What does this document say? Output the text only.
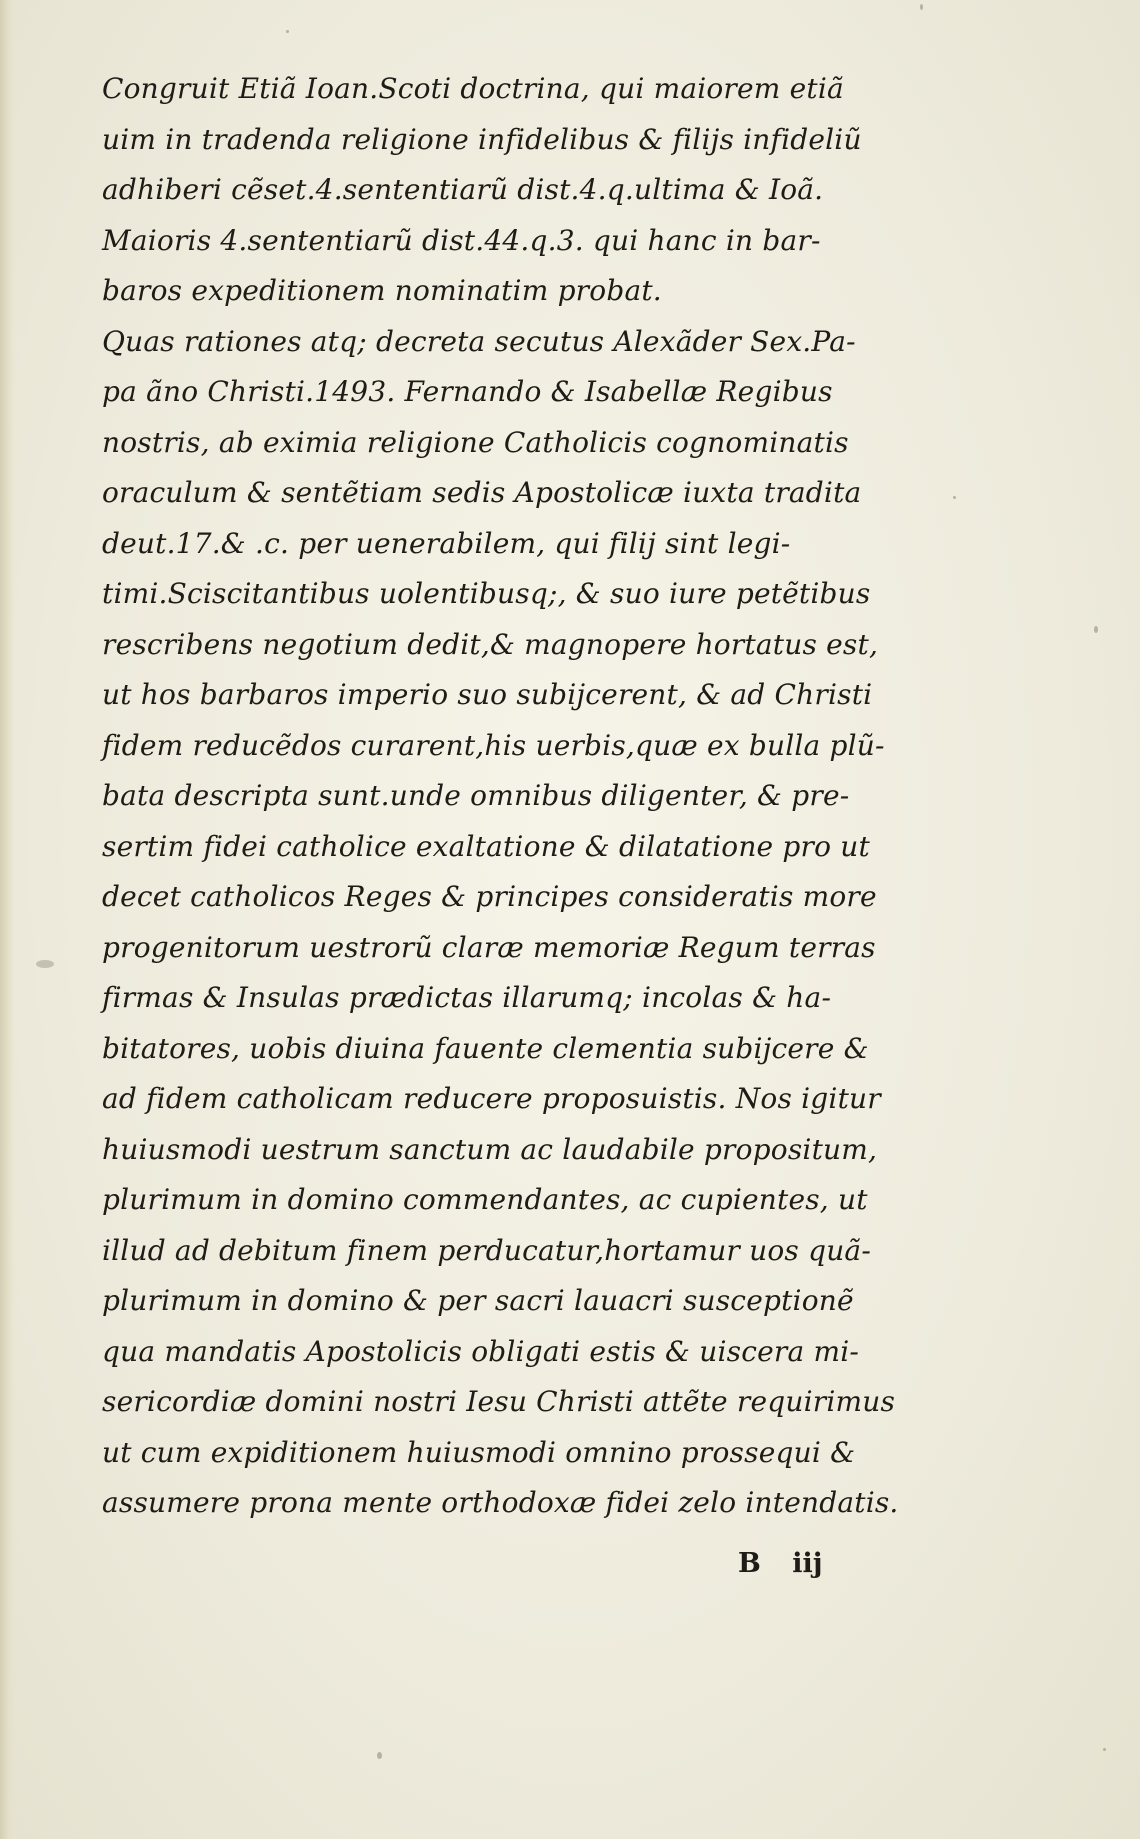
Congruit Etiã Ioan.Scoti doctrina, qui maiorem etiã
uim in tradenda religione infidelibus & filijs infideliũ
adhiberi cẽset.4.sententiarũ dist.4.q.ultima & Ioã.
Maioris 4.sententiarũ dist.44.q.3. qui hanc in bar-
baros expeditionem nominatim probat.
Quas rationes atq; decreta secutus Alexãder Sex.Pa-
pa ãno Christi.1493. Fernando & Isabellæ Regibus
nostris, ab eximia religione Catholicis cognominatis
oraculum & sentẽtiam sedis Apostolicæ iuxta tradita
deut.17.& .c. per uenerabilem, qui filij sint legi-
timi.Sciscitantibus uolentibusq;, & suo iure petẽtibus
rescribens negotium dedit,& magnopere hortatus est,
ut hos barbaros imperio suo subijcerent, & ad Christi
fidem reducẽdos curarent,his uerbis,quæ ex bulla plũ-
bata descripta sunt.unde omnibus diligenter, & pre-
sertim fidei catholice exaltatione & dilatatione pro ut
decet catholicos Reges & principes consideratis more
progenitorum uestrorũ claræ memoriæ Regum terras
firmas & Insulas prædictas illarumq; incolas & ha-
bitatores, uobis diuina fauente clementia subijcere &
ad fidem catholicam reducere proposuistis. Nos igitur
huiusmodi uestrum sanctum ac laudabile propositum,
plurimum in domino commendantes, ac cupientes, ut
illud ad debitum finem perducatur,hortamur uos quã-
plurimum in domino & per sacri lauacri susceptionẽ
qua mandatis Apostolicis obligati estis & uiscera mi-
sericordiæ domini nostri Iesu Christi attẽte requirimus
ut cum expiditionem huiusmodi omnino prossequi &
assumere prona mente orthodoxæ fidei zelo intendatis.
B iij
